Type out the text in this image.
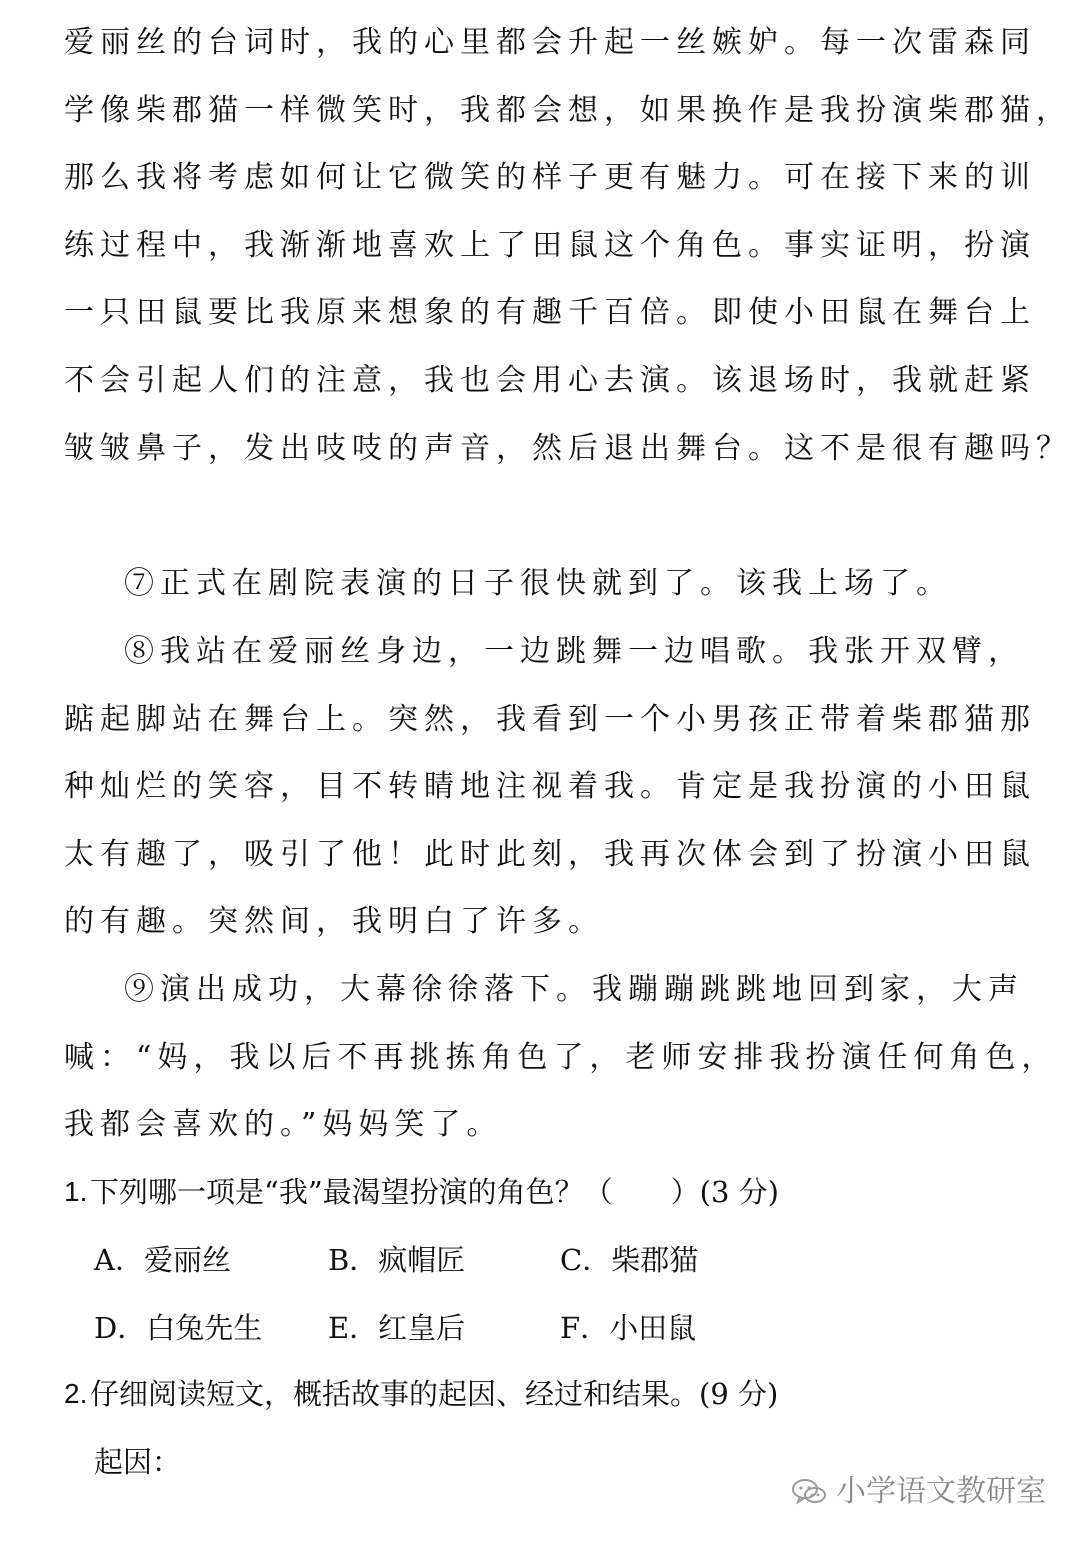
爱丽丝的台词时，我的心里都会升起一丝嫉妒。每一次雷森同
学像柴郡猫一样微笑时，我都会想，如果换作是我扮演柴郡猫，
那么我将考虑如何让它微笑的样子更有魅力。可在接下来的训
练过程中，我渐渐地喜欢上了田鼠这个角色。事实证明，扮演
一只田鼠要比我原来想象的有趣千百倍。即使小田鼠在舞台上
不会引起人们的注意，我也会用心去演。该退场时，我就赶紧
皱皱鼻子，发出吱吱的声音，然后退出舞台。这不是很有趣吗？
⑦正式在剧院表演的日子很快就到了。该我上场了。
⑧我站在爱丽丝身边，一边跳舞一边唱歌。我张开双臂，
踮起脚站在舞台上。突然，我看到一个小男孩正带着柴郡猫那
种灿烂的笑容，目不转睛地注视着我。肯定是我扮演的小田鼠
太有趣了，吸引了他！此时此刻，我再次体会到了扮演小田鼠
的有趣。突然间，我明白了许多。
⑨演出成功，大幕徐徐落下。我蹦蹦跳跳地回到家，大声
喊：“妈，我以后不再挑拣角色了，老师安排我扮演任何角色，
我都会喜欢的。”妈妈笑了。
1. 下列哪一项是“我”最渴望扮演的角色？（　　）(3 分)
A．爱丽丝	B．疯帽匠	C．柴郡猫
D．白兔先生 E．红皇后	F．小田鼠
2. 仔细阅读短文，概括故事的起因、经过和结果。(9 分)
起因：
小学语文教研室
